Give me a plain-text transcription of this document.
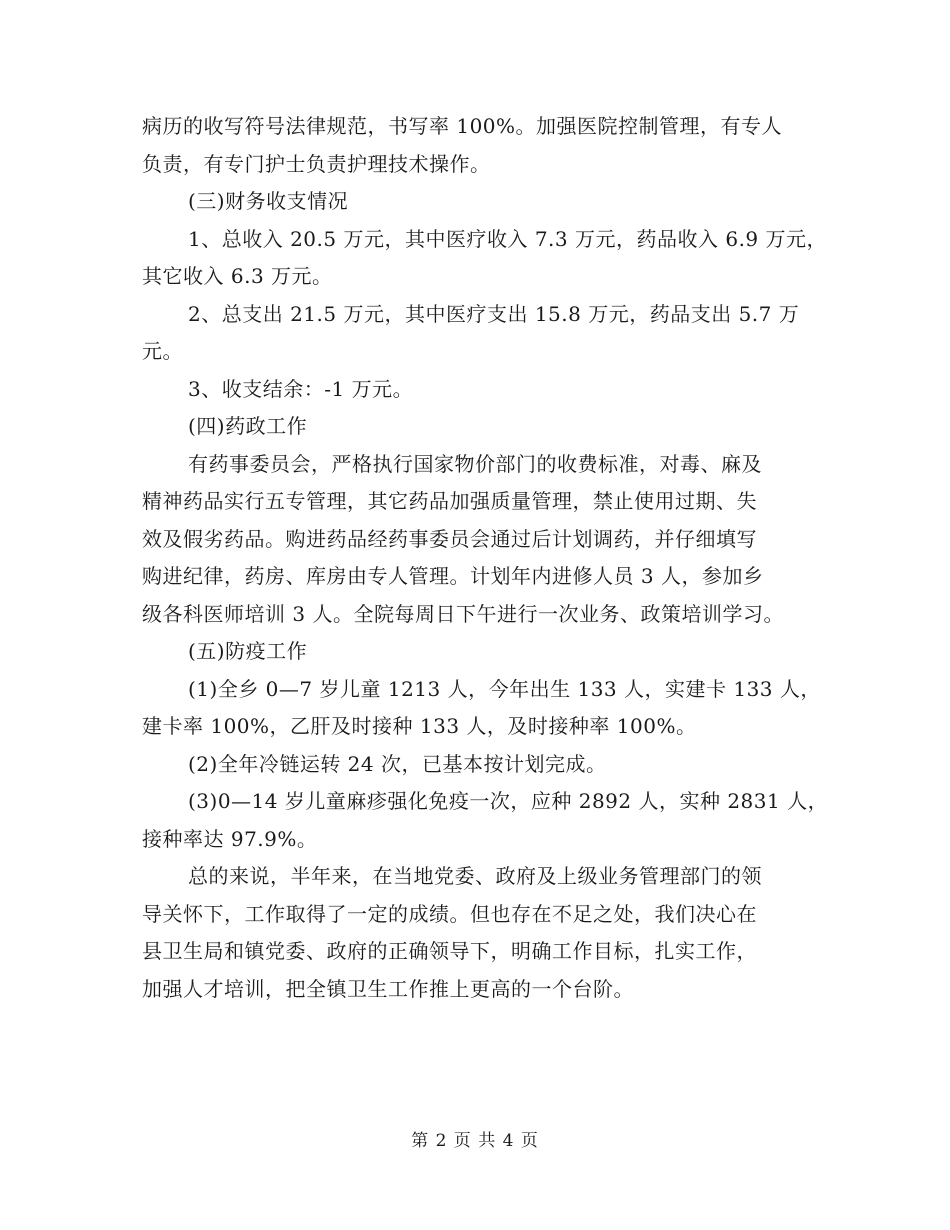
病历的收写符号法律规范，书写率 100%。加强医院控制管理，有专人
负责，有专门护士负责护理技术操作。
(三)财务收支情况
1、总收入 20.5 万元，其中医疗收入 7.3 万元，药品收入 6.9 万元，
其它收入 6.3 万元。
2、总支出 21.5 万元，其中医疗支出 15.8 万元，药品支出 5.7 万
元。
3、收支结余：-1 万元。
(四)药政工作
有药事委员会，严格执行国家物价部门的收费标准，对毒、麻及
精神药品实行五专管理，其它药品加强质量管理，禁止使用过期、失
效及假劣药品。购进药品经药事委员会通过后计划调药，并仔细填写
购进纪律，药房、库房由专人管理。计划年内进修人员 3 人，参加乡
级各科医师培训 3 人。全院每周日下午进行一次业务、政策培训学习。
(五)防疫工作
(1)全乡 0—7 岁儿童 1213 人，今年出生 133 人，实建卡 133 人，
建卡率 100%，乙肝及时接种 133 人，及时接种率 100%。
(2)全年冷链运转 24 次，已基本按计划完成。
(3)0—14 岁儿童麻疹强化免疫一次，应种 2892 人，实种 2831 人，
接种率达 97.9%。
总的来说，半年来，在当地党委、政府及上级业务管理部门的领
导关怀下，工作取得了一定的成绩。但也存在不足之处，我们决心在
县卫生局和镇党委、政府的正确领导下，明确工作目标，扎实工作，
加强人才培训，把全镇卫生工作推上更高的一个台阶。
第 2 页 共 4 页
